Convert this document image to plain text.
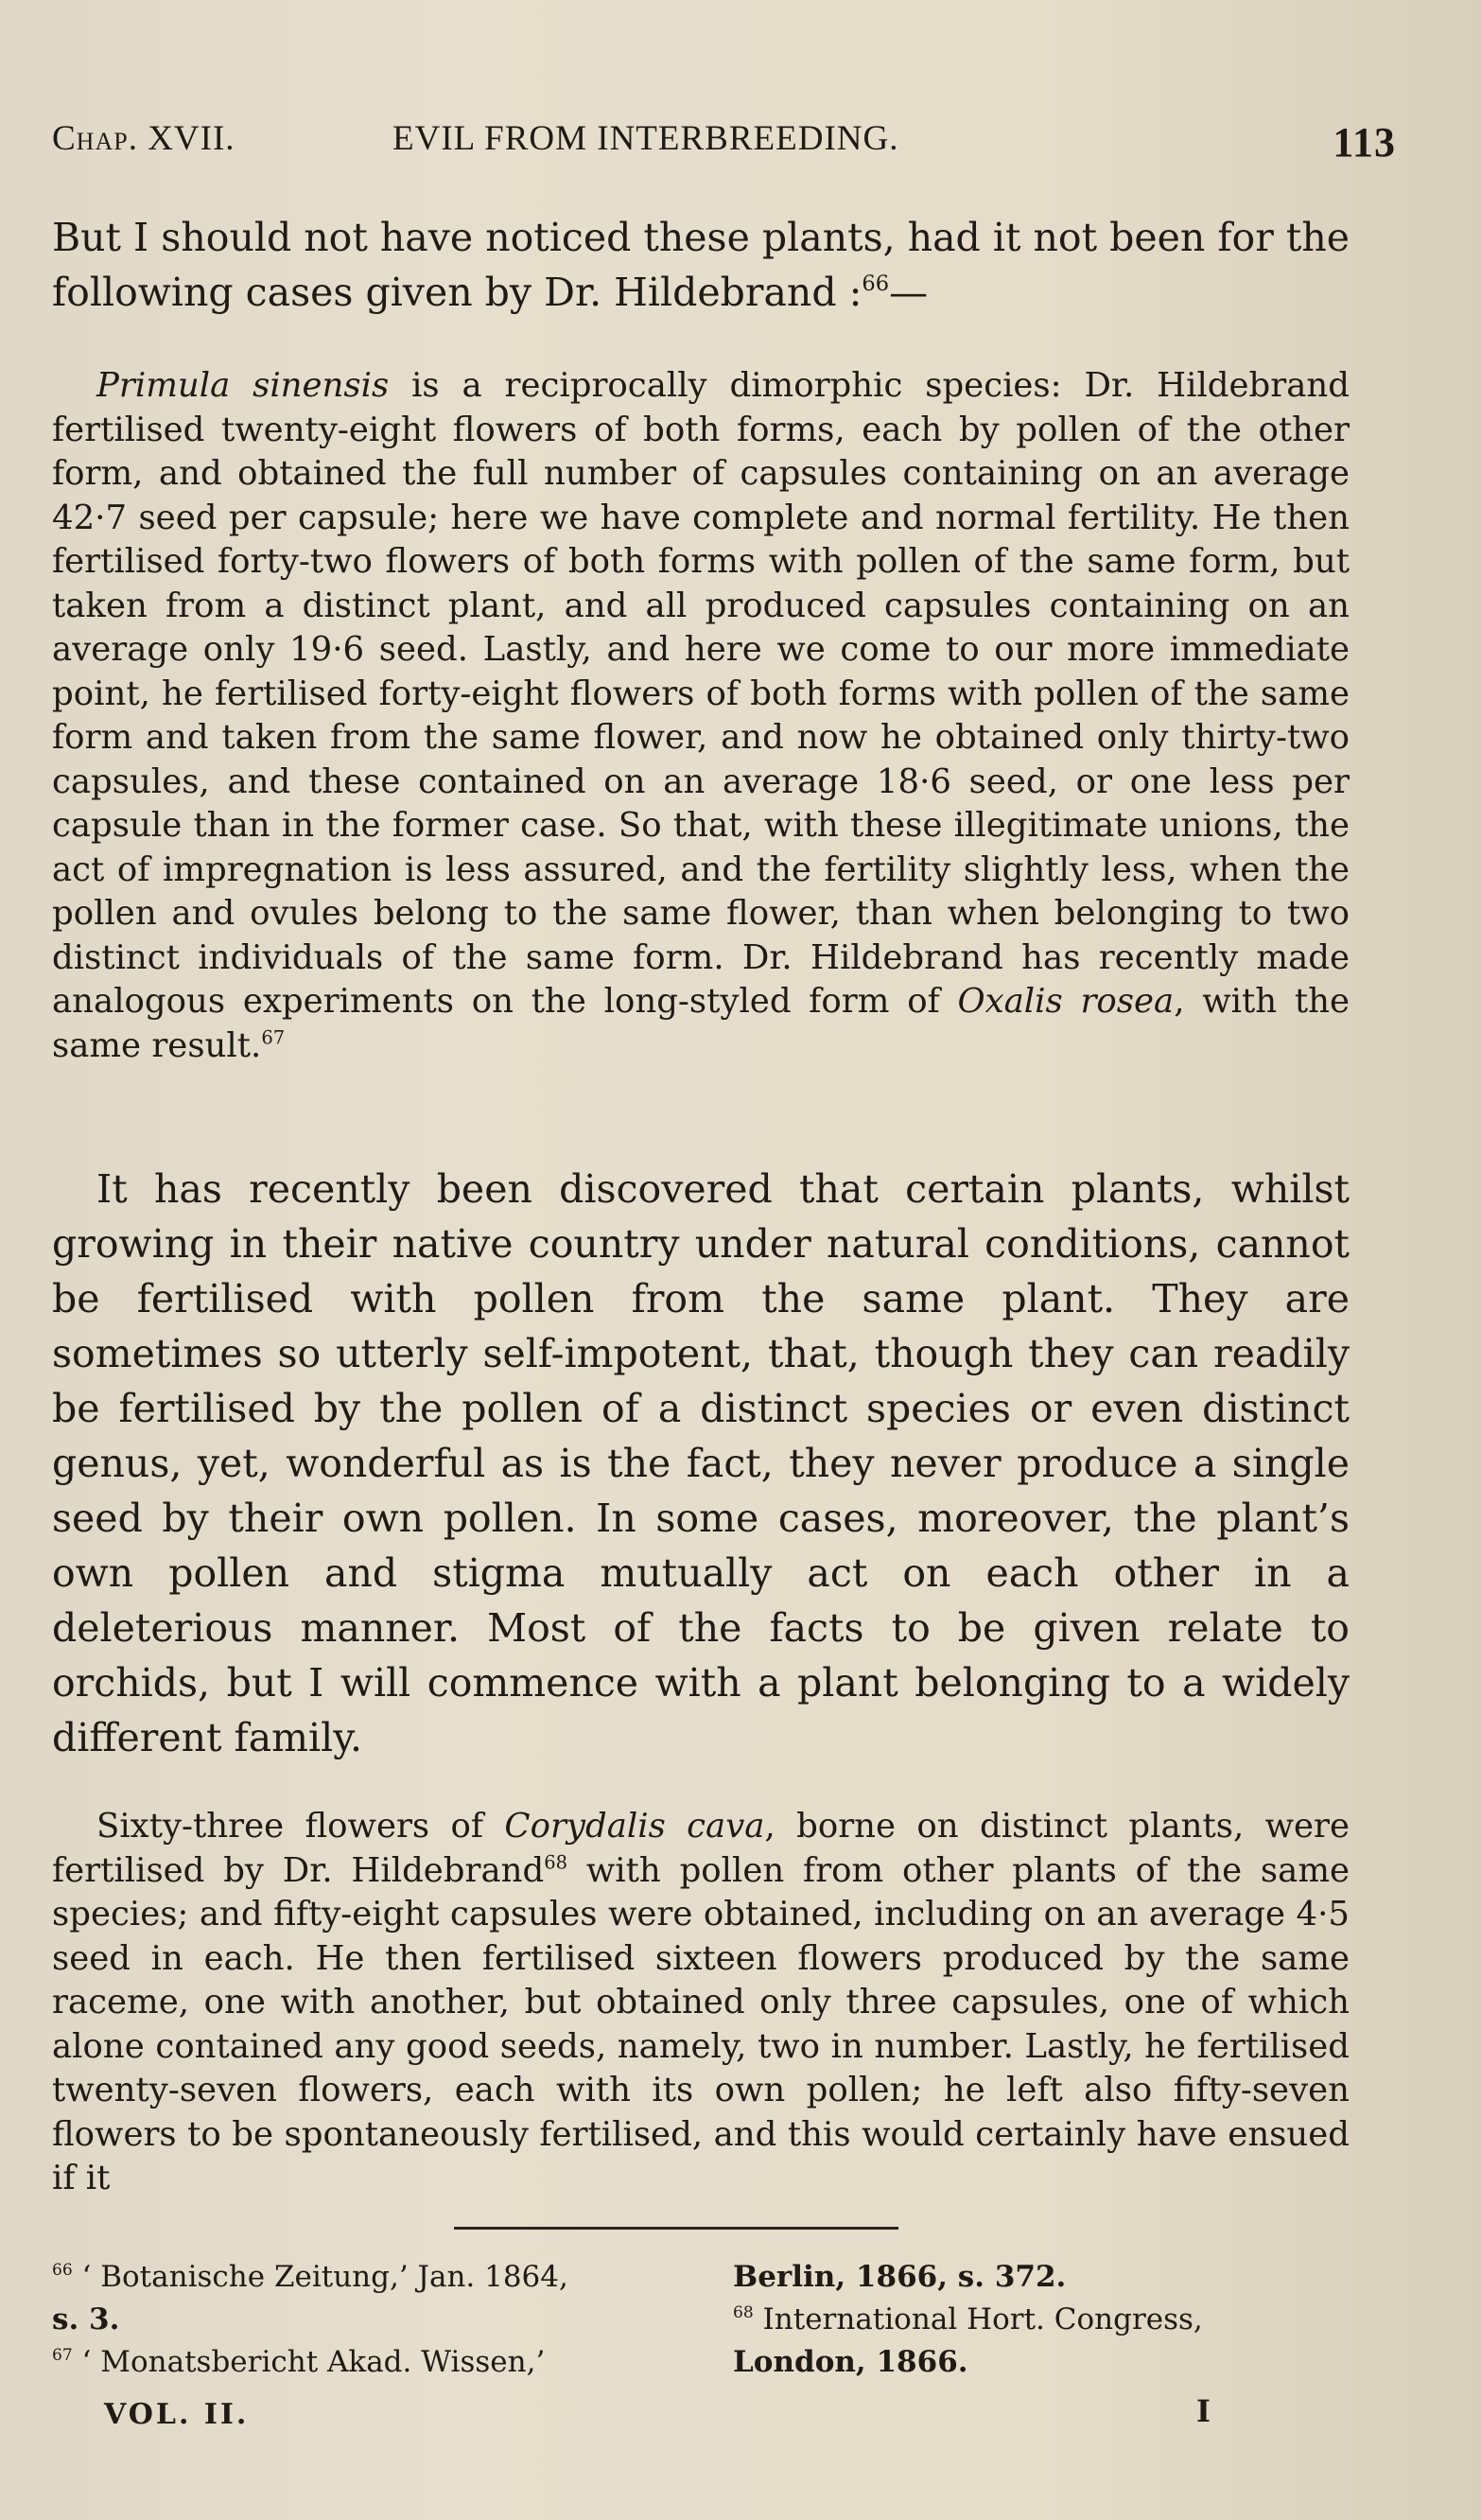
Chap. XVII.	EVIL FROM INTERBREEDING.	113
But I should not have noticed these plants, had it not been for the following cases given by Dr. Hildebrand :$^{66}$—
Primula sinensis is a reciprocally dimorphic species: Dr. Hildebrand fertilised twenty-eight flowers of both forms, each by pollen of the other form, and obtained the full number of capsules containing on an average 42·7 seed per capsule; here we have complete and normal fertility. He then fertilised forty-two flowers of both forms with pollen of the same form, but taken from a distinct plant, and all produced capsules containing on an average only 19·6 seed. Lastly, and here we come to our more immediate point, he fertilised forty-eight flowers of both forms with pollen of the same form and taken from the same flower, and now he obtained only thirty-two capsules, and these contained on an average 18·6 seed, or one less per capsule than in the former case. So that, with these illegitimate unions, the act of impregnation is less assured, and the fertility slightly less, when the pollen and ovules belong to the same flower, than when belonging to two distinct individuals of the same form. Dr. Hildebrand has recently made analogous experiments on the long-styled form of Oxalis rosea, with the same result.$^{67}$
It has recently been discovered that certain plants, whilst growing in their native country under natural conditions, cannot be fertilised with pollen from the same plant. They are sometimes so utterly self-impotent, that, though they can readily be fertilised by the pollen of a distinct species or even distinct genus, yet, wonderful as is the fact, they never produce a single seed by their own pollen. In some cases, moreover, the plant’s own pollen and stigma mutually act on each other in a deleterious manner. Most of the facts to be given relate to orchids, but I will commence with a plant belonging to a widely different family.
Sixty-three flowers of Corydalis cava, borne on distinct plants, were fertilised by Dr. Hildebrand$^{68}$ with pollen from other plants of the same species; and fifty-eight capsules were obtained, including on an average 4·5 seed in each. He then fertilised sixteen flowers produced by the same raceme, one with another, but obtained only three capsules, one of which alone contained any good seeds, namely, two in number. Lastly, he fertilised twenty-seven flowers, each with its own pollen; he left also fifty-seven flowers to be spontaneously fertilised, and this would certainly have ensued if it
$^{66}$ ‘ Botanische Zeitung,’ Jan. 1864,
s. 3.
$^{67}$ ‘ Monatsbericht Akad. Wissen,’
Berlin, 1866, s. 372.
$^{68}$ International Hort. Congress,
London, 1866.
VOL. II.	I
